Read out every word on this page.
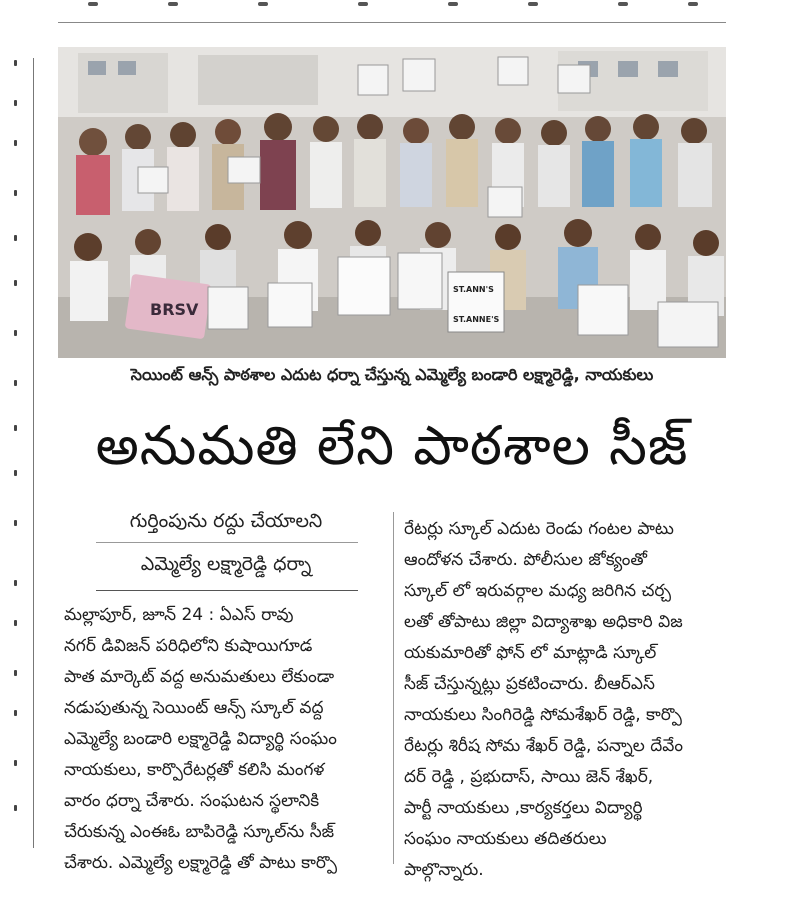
BRSV
ST.ANN'S
ST.ANNE'S
సెయింట్ ఆన్స్ పాఠశాల ఎదుట ధర్నా చేస్తున్న ఎమ్మెల్యే బండారి లక్ష్మారెడ్డి, నాయకులు
అనుమతి లేని పాఠశాల సీజ్
గుర్తింపును రద్దు చేయాలని
ఎమ్మెల్యే లక్ష్మారెడ్డి ధర్నా
మల్లాపూర్, జూన్ 24 : ఏఎస్ రావు
నగర్ డివిజన్ పరిధిలోని కుషాయిగూడ
పాత మార్కెట్ వద్ద అనుమతులు లేకుండా
నడుపుతున్న సెయింట్ ఆన్స్ స్కూల్ వద్ద
ఎమ్మెల్యే బండారి లక్ష్మారెడ్డి విద్యార్థి సంఘం
నాయకులు, కార్పొరేటర్లతో కలిసి మంగళ
వారం ధర్నా చేశారు. సంఘటన స్థలానికి
చేరుకున్న ఎంఈఓ బాపిరెడ్డి స్కూల్‌ను సీజ్
చేశారు. ఎమ్మెల్యే లక్ష్మారెడ్డి తో పాటు కార్పొ
రేటర్లు స్కూల్ ఎదుట రెండు గంటల పాటు
ఆందోళన చేశారు. పోలీసుల జోక్యంతో
స్కూల్ లో ఇరువర్గాల మధ్య జరిగిన చర్చ
లతో తోపాటు జిల్లా విద్యాశాఖ అధికారి విజ
యకుమారితో ఫోన్ లో మాట్లాడి స్కూల్
సీజ్ చేస్తున్నట్లు ప్రకటించారు. బీఆర్ఎస్
నాయకులు సింగిరెడ్డి సోమశేఖర్ రెడ్డి, కార్పొ
రేటర్లు శిరీష సోమ శేఖర్ రెడ్డి, పన్నాల దేవేం
దర్ రెడ్డి , ప్రభుదాస్, సాయి జెన్ శేఖర్,
పార్టీ నాయకులు ,కార్యకర్తలు విద్యార్థి
సంఘం నాయకులు తదితరులు
పాల్గొన్నారు.
